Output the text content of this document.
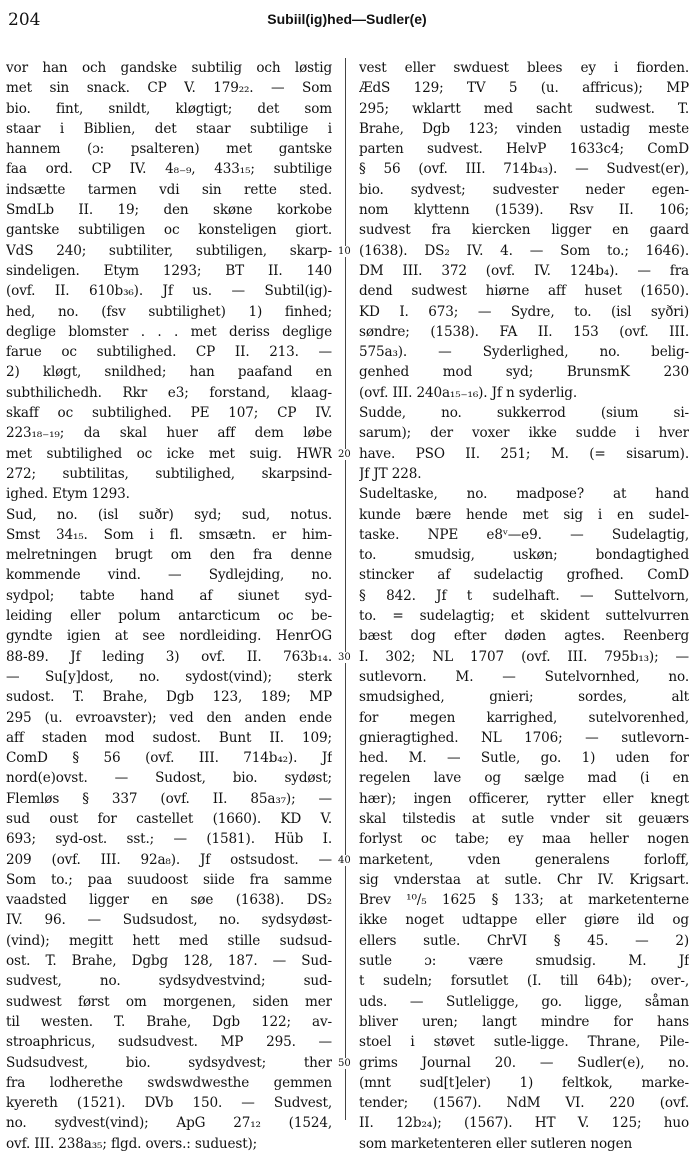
204	Subiil(ig)hed—Sudler(e)
vor han och gandske subtilig och løstig
met sin snack. CP V. 179₂₂. — Som
bio. fint, snildt, kløgtigt; det som
staar i Biblien, det staar subtilige i
hannem (ɔ: psalteren) met gantske
faa ord. CP IV. 4₈₋₉, 433₁₅; subtilige
indsætte tarmen vdi sin rette sted.
SmdLb II. 19; den skøne korkobe
gantske subtiligen oc konsteligen giort.
VdS 240; subtiliter, subtiligen, skarp-
sindeligen. Etym 1293; BT II. 140
(ovf. II. 610b₃₆). Jf us. — Subtil(ig)-
hed, no. (fsv subtilighet) 1) finhed;
deglige blomster . . . met deriss deglige
farue oc subtilighed. CP II. 213. —
2) kløgt, snildhed; han paafand en
subthilichedh. Rkr e3; forstand, klaag-
skaff oc subtilighed. PE 107; CP IV.
223₁₈₋₁₉; da skal huer aff dem løbe
met subtilighed oc icke met suig. HWR
272; subtilitas, subtilighed, skarpsind-
ighed. Etym 1293.
Sud, no. (isl suðr) syd; sud, notus.
Smst 34₁₅. Som i fl. smsætn. er him-
melretningen brugt om den fra denne
kommende vind. — Sydlejding, no.
sydpol; tabte hand af siunet syd-
leiding eller polum antarcticum oc be-
gyndte igien at see nordleiding. HenrOG
88-89. Jf leding 3) ovf. II. 763b₁₄.
— Su[y]dost, no. sydost(vind); sterk
sudost. T. Brahe, Dgb 123, 189; MP
295 (u. evroavster); ved den anden ende
aff staden mod sudost. Bunt II. 109;
ComD § 56 (ovf. III. 714b₄₂). Jf
nord(e)ovst. — Sudost, bio. sydøst;
Flemløs § 337 (ovf. II. 85a₃₇); —
sud oust for castellet (1660). KD V.
693; syd-ost. sst.; — (1581). Hüb I.
209 (ovf. III. 92a₈). Jf ostsudost. —
Som to.; paa suudoost siide fra samme
vaadsted ligger en søe (1638). DS₂
IV. 96. — Sudsudost, no. sydsydøst-
(vind); megitt hett med stille sudsud-
ost. T. Brahe, Dgbg 128, 187. — Sud-
sudvest, no. sydsydvestvind; sud-
sudwest først om morgenen, siden mer
til westen. T. Brahe, Dgb 122; av-
stroaphricus, sudsudvest. MP 295. —
Sudsudvest, bio. sydsydvest; ther
fra lodherethe swdswdwesthe gemmen
kyereth (1521). DVb 150. — Sudvest,
no. sydvest(vind); ApG 27₁₂ (1524,
ovf. III. 238a₃₅; flgd. overs.: suduest);
10
20
30
40
50
vest eller swduest blees ey i fiorden.
ÆdS 129; TV 5 (u. affricus); MP
295; wklartt med sacht sudwest. T.
Brahe, Dgb 123; vinden ustadig meste
parten sudvest. HelvP 1633c4; ComD
§ 56 (ovf. III. 714b₄₃). — Sudvest(er),
bio. sydvest; sudvester neder egen-
nom klyttenn (1539). Rsv II. 106;
sudvest fra kiercken ligger en gaard
(1638). DS₂ IV. 4. — Som to.; 1646).
DM III. 372 (ovf. IV. 124b₄). — fra
dend sudwest hiørne aff huset (1650).
KD I. 673; — Sydre, to. (isl syðri)
søndre; (1538). FA II. 153 (ovf. III.
575a₃). — Syderlighed, no. belig-
genhed mod syd; BrunsmK 230
(ovf. III. 240a₁₅₋₁₆). Jf n syderlig.
Sudde, no. sukkerrod (sium si-
sarum); der voxer ikke sudde i hver
have. PSO II. 251; M. (= sisarum).
Jf JT 228.
Sudeltaske, no. madpose? at hand
kunde bære hende met sig i en sudel-
taske. NPE e8ᵛ—e9. — Sudelagtig,
to. smudsig, uskøn; bondagtighed
stincker af sudelactig grofhed. ComD
§ 842. Jf t sudelhaft. — Suttelvorn,
to. = sudelagtig; et skident suttelvurren
bæst dog efter døden agtes. Reenberg
I. 302; NL 1707 (ovf. III. 795b₁₃); —
sutlevorn. M. — Sutelvornhed, no.
smudsighed, gnieri; sordes, alt
for megen karrighed, sutelvorenhed,
gnieragtighed. NL 1706; — sutlevorn-
hed. M. — Sutle, go. 1) uden for
regelen lave og sælge mad (i en
hær); ingen officerer, rytter eller knegt
skal tilstedis at sutle vnder sit geuærs
forlyst oc tabe; ey maa heller nogen
marketent, vden generalens forloff,
sig vnderstaa at sutle. Chr IV. Krigsart.
Brev ¹⁰/₅ 1625 § 133; at marketenterne
ikke noget udtappe eller giøre ild og
ellers sutle. ChrVI § 45. — 2)
sutle ɔ: være smudsig. M. Jf
t sudeln; forsutlet (I. till 64b); over-,
uds. — Sutleligge, go. ligge, såman
bliver uren; langt mindre for hans
stoel i støvet sutle-ligge. Thrane, Pile-
grims Journal 20. — Sudler(e), no.
(mnt sud[t]eler) 1) feltkok, marke-
tender; (1567). NdM VI. 220 (ovf.
II. 12b₂₄); (1567). HT V. 125; huo
som marketenteren eller sutleren nogen
